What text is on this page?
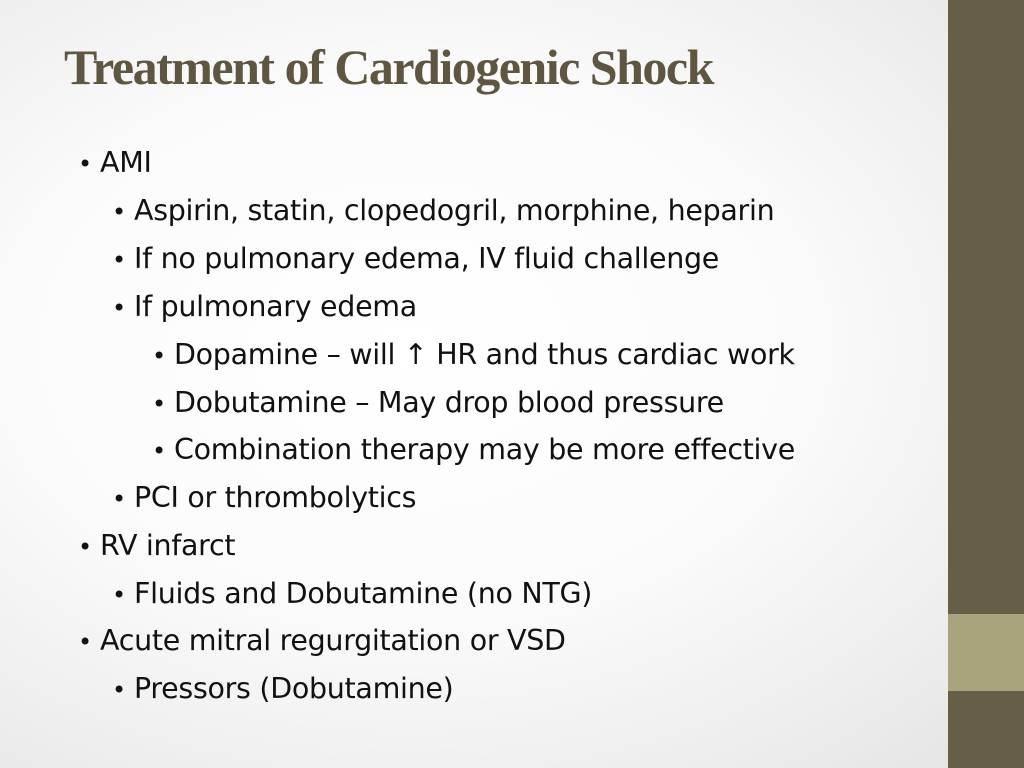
Treatment of Cardiogenic Shock
• AMI
• Aspirin, statin, clopedogril, morphine, heparin
• If no pulmonary edema, IV fluid challenge
• If pulmonary edema
• Dopamine – will ↑ HR and thus cardiac work
• Dobutamine – May drop blood pressure
• Combination therapy may be more effective
• PCI or thrombolytics
• RV infarct
• Fluids and Dobutamine (no NTG)
• Acute mitral regurgitation or VSD
• Pressors (Dobutamine)
